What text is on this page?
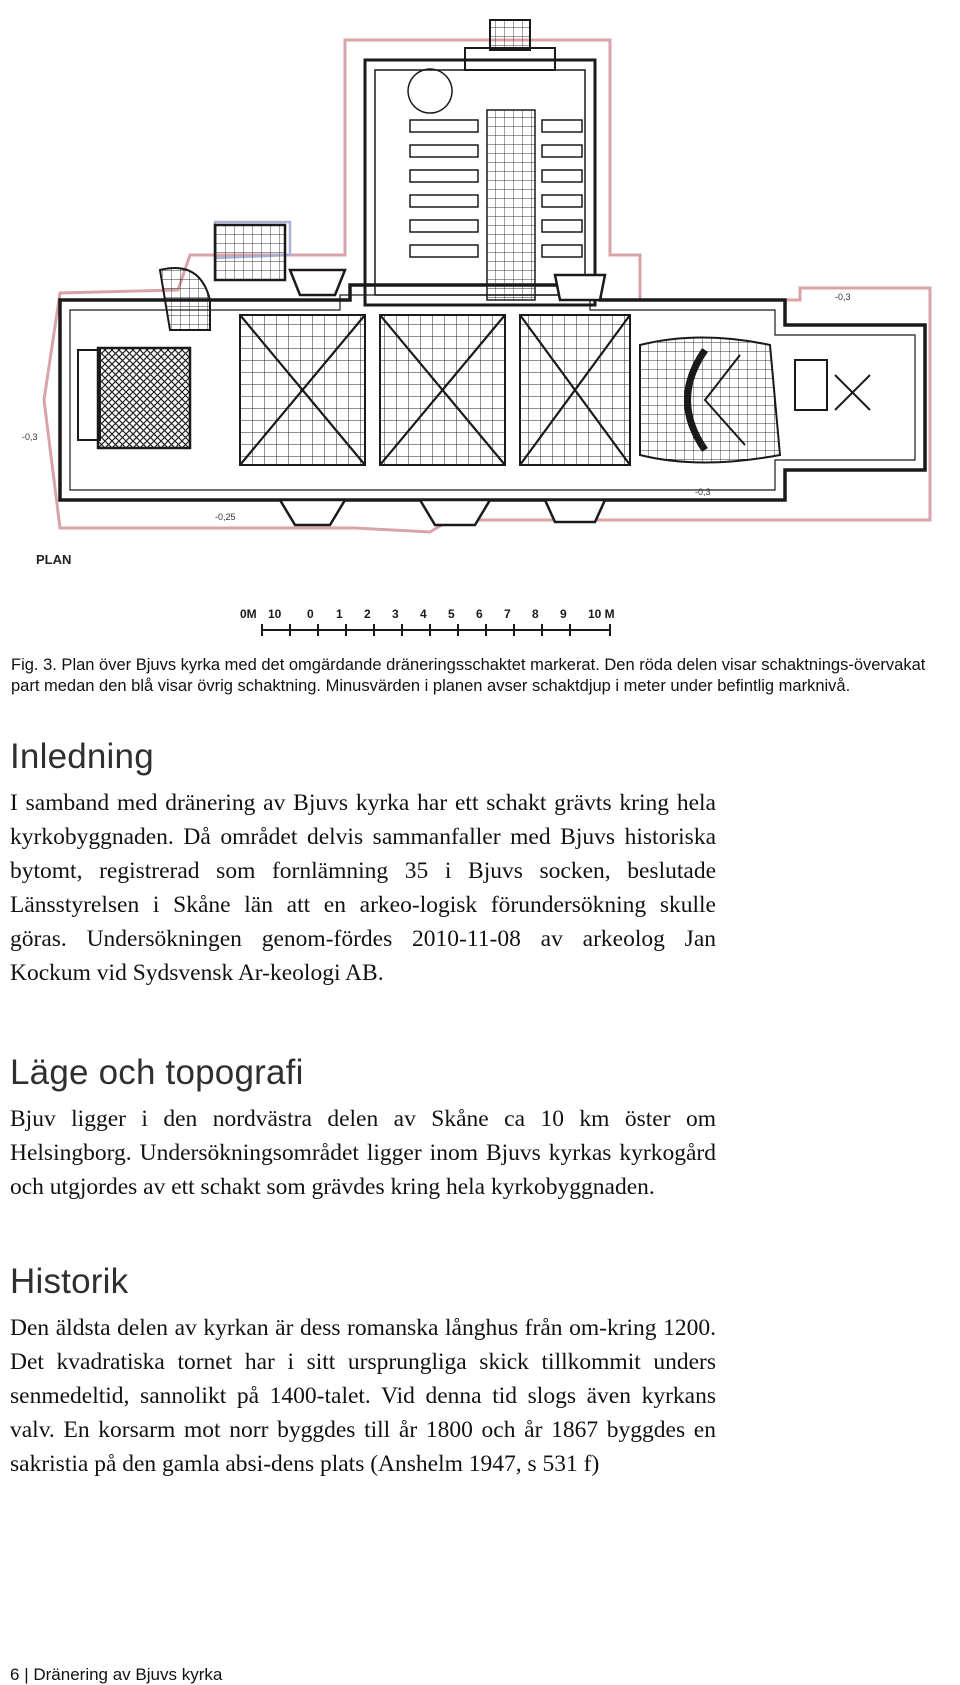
-0,3
-0,25
-0,3
-0,3
PLAN
0M 10 0 1 2 3 4 5 6 7 8 9 10 M
Fig. 3. Plan över Bjuvs kyrka med det omgärdande dräneringsschaktet markerat. Den röda delen visar schaktnings-övervakat part medan den blå visar övrig schaktning. Minusvärden i planen avser schaktdjup i meter under befintlig marknivå.
Inledning

I samband med dränering av Bjuvs kyrka har ett schakt grävts kring hela kyrkobyggnaden. Då området delvis sammanfaller med Bjuvs historiska bytomt, registrerad som fornlämning 35 i Bjuvs socken, beslutade Länsstyrelsen i Skåne län att en arkeo-logisk förundersökning skulle göras. Undersökningen genom-fördes 2010-11-08 av arkeolog Jan Kockum vid Sydsvensk Ar-keologi AB.

Läge och topografi

Bjuv ligger i den nordvästra delen av Skåne ca 10 km öster om Helsingborg. Undersökningsområdet ligger inom Bjuvs kyrkas kyrkogård och utgjordes av ett schakt som grävdes kring hela kyrkobyggnaden.

Historik

Den äldsta delen av kyrkan är dess romanska långhus från om-kring 1200. Det kvadratiska tornet har i sitt ursprungliga skick tillkommit unders senmedeltid, sannolikt på 1400-talet. Vid denna tid slogs även kyrkans valv. En korsarm mot norr byggdes till år 1800 och år 1867 byggdes en sakristia på den gamla absi-dens plats (Anshelm 1947, s 531 f)

6 | Dränering av Bjuvs kyrka
